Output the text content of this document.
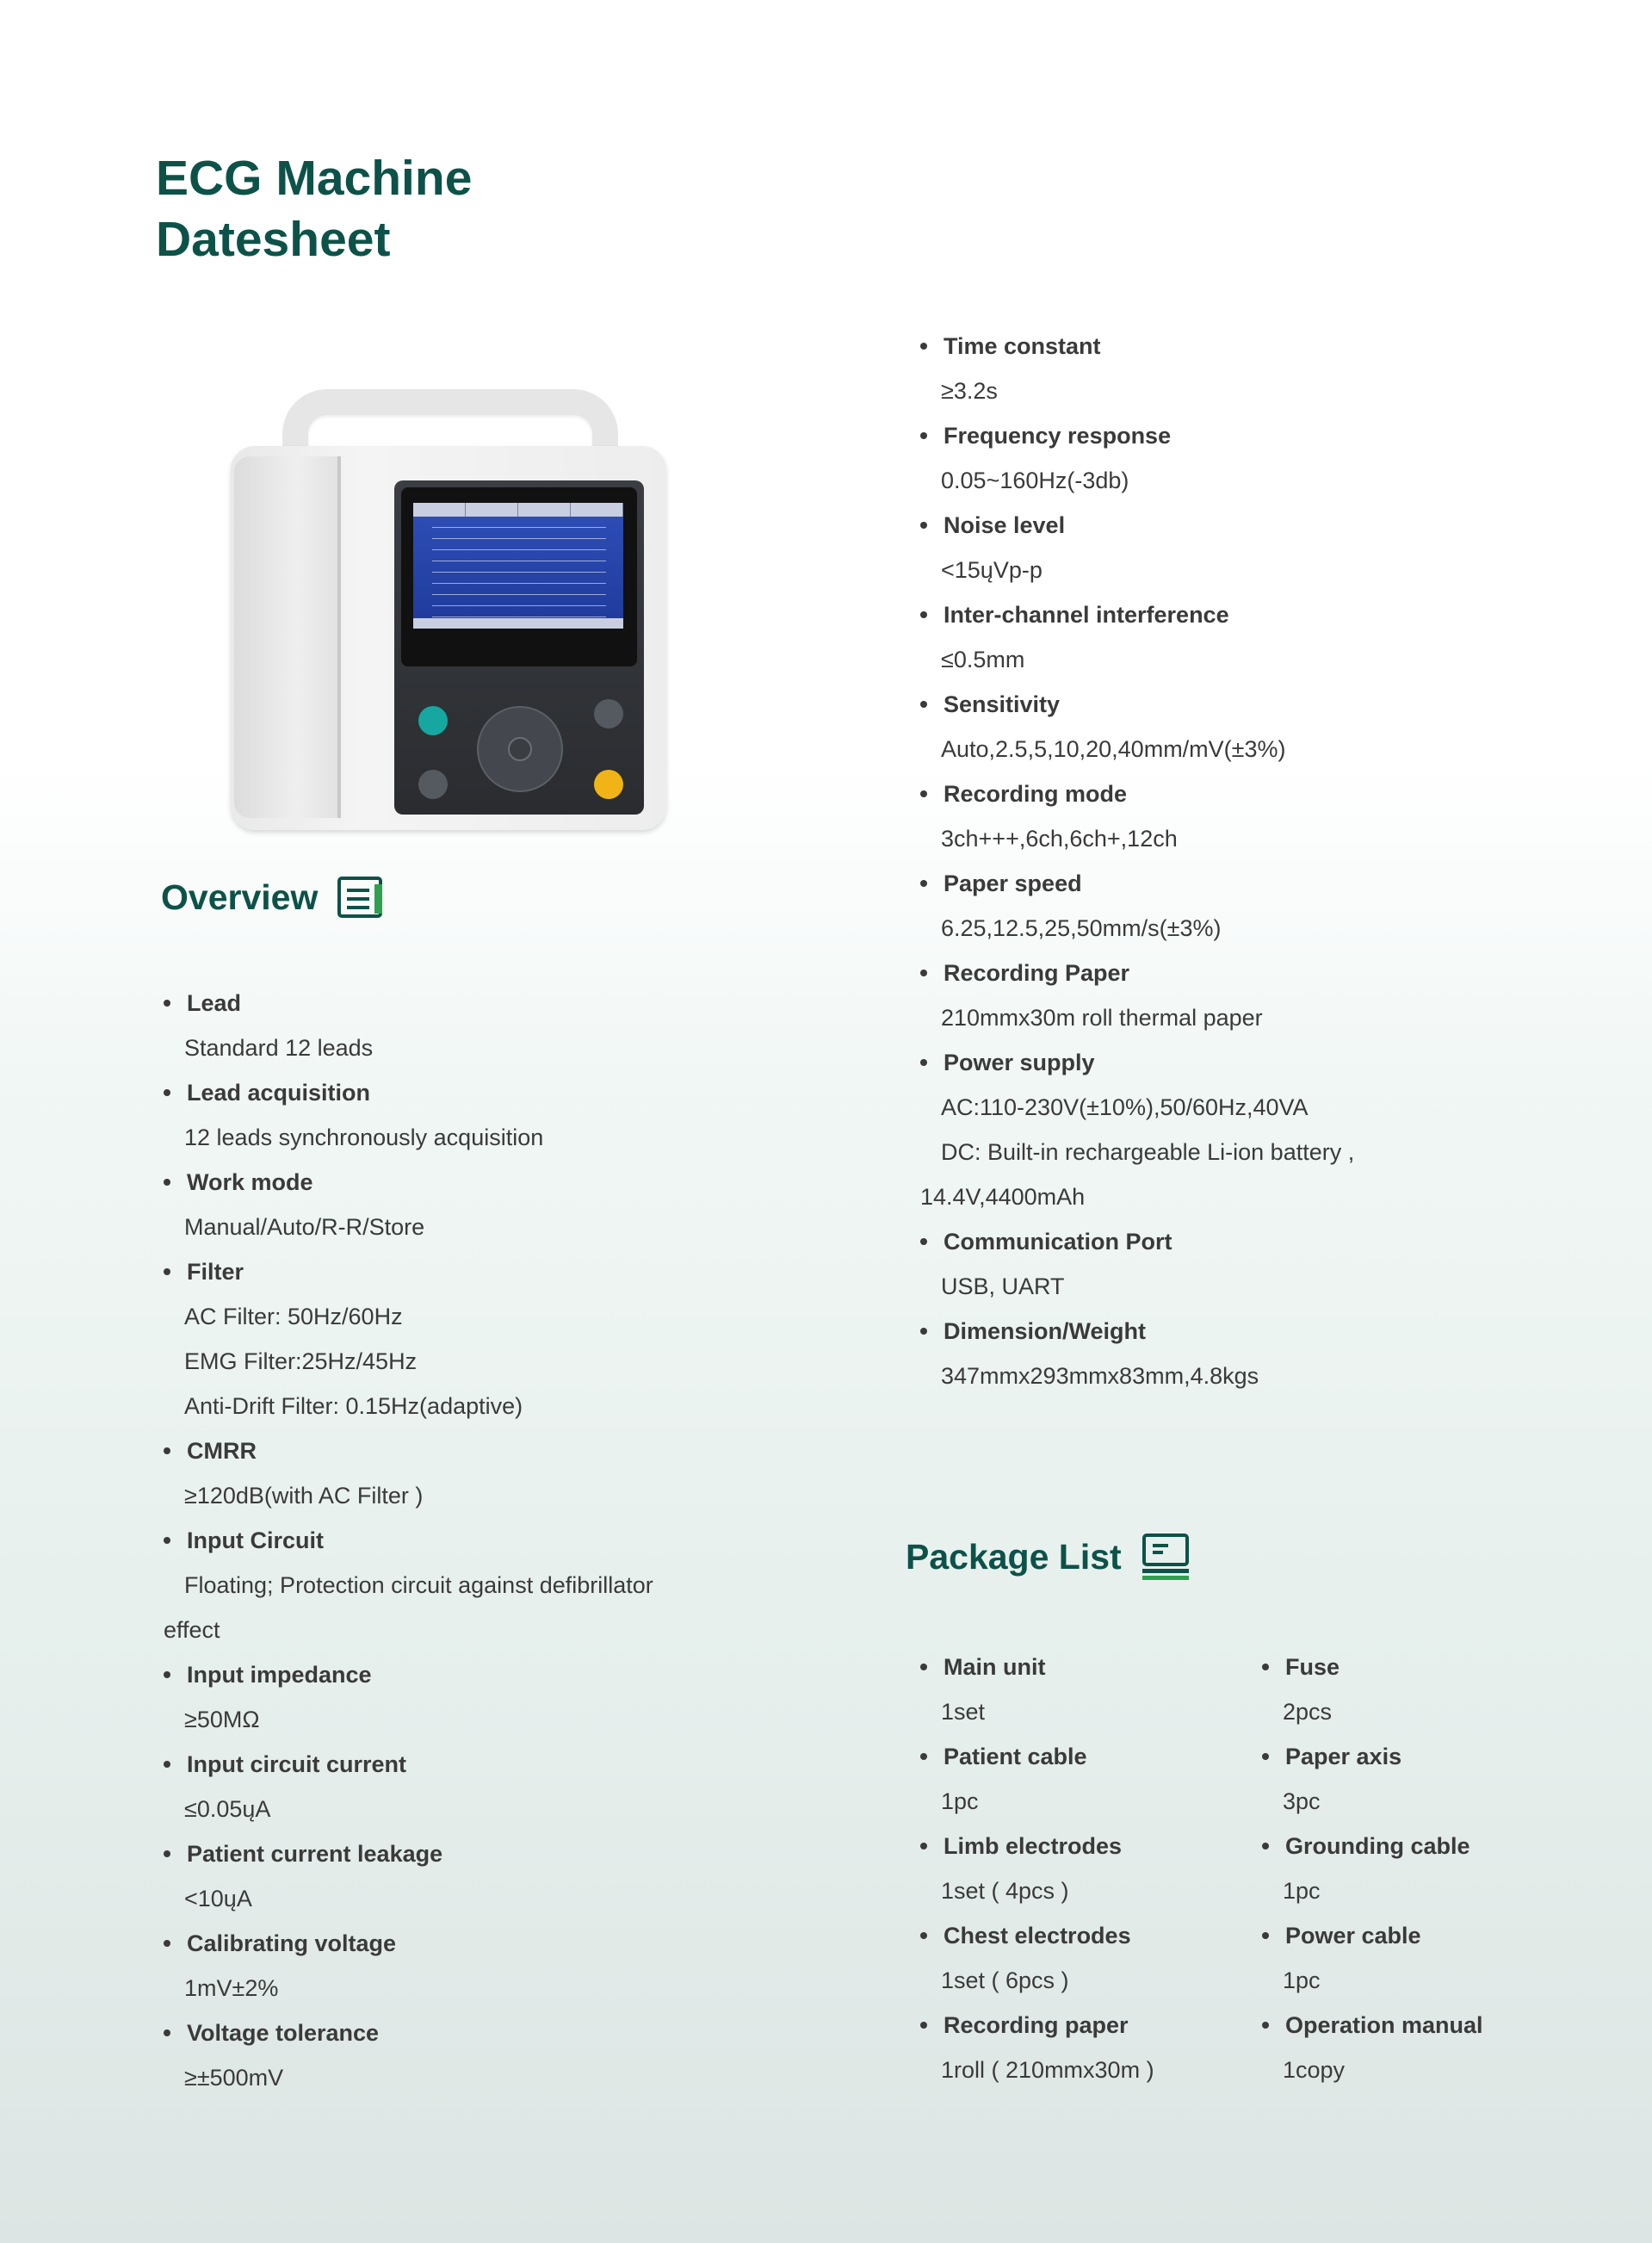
ECG Machine
Datesheet
Overview
Lead
Standard 12 leads
Lead acquisition
12 leads synchronously acquisition
Work mode
Manual/Auto/R-R/Store
Filter
AC Filter: 50Hz/60Hz
EMG Filter:25Hz/45Hz
Anti-Drift Filter: 0.15Hz(adaptive)
CMRR
≥120dB(with AC Filter )
Input Circuit
Floating; Protection circuit against defibrillator
effect
Input impedance
≥50MΩ
Input circuit current
≤0.05ųA
Patient current leakage
<10ųA
Calibrating voltage
1mV±2%
Voltage tolerance
≥±500mV
Time constant
≥3.2s
Frequency response
0.05~160Hz(-3db)
Noise level
<15ųVp-p
Inter-channel interference
≤0.5mm
Sensitivity
Auto,2.5,5,10,20,40mm/mV(±3%)
Recording mode
3ch+++,6ch,6ch+,12ch
Paper speed
6.25,12.5,25,50mm/s(±3%)
Recording Paper
210mmx30m roll thermal paper
Power supply
AC:110-230V(±10%),50/60Hz,40VA
DC: Built-in rechargeable Li-ion battery ,
14.4V,4400mAh
Communication Port
USB, UART
Dimension/Weight
347mmx293mmx83mm,4.8kgs
Package List
Main unit
1set
Patient cable
1pc
Limb electrodes
1set ( 4pcs )
Chest electrodes
1set ( 6pcs )
Recording paper
1roll ( 210mmx30m )
Fuse
2pcs
Paper axis
3pc
Grounding cable
1pc
Power cable
1pc
Operation manual
1copy
